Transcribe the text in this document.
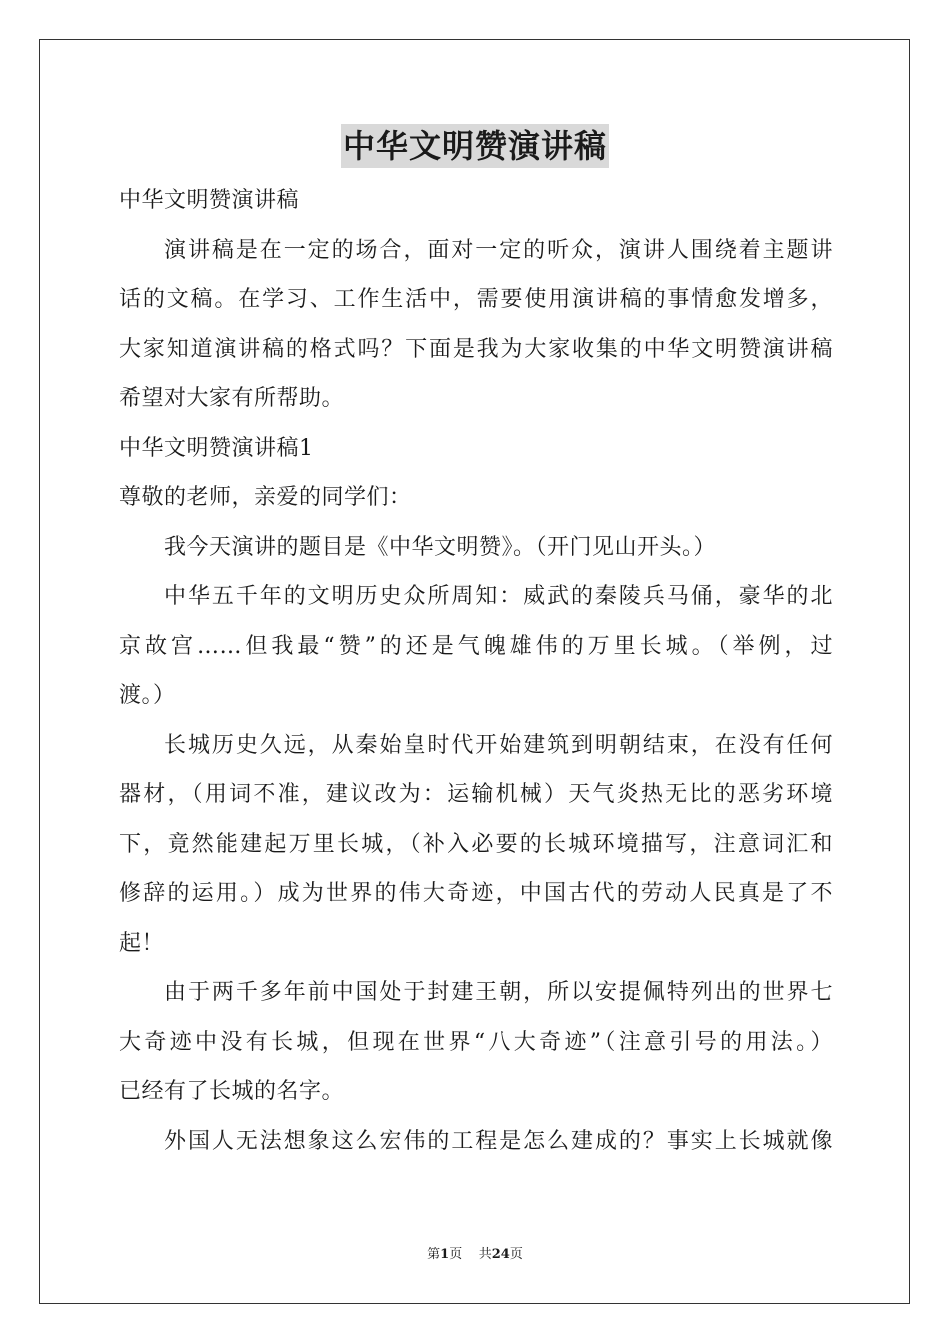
中华文明赞演讲稿

中华文明赞演讲稿

演讲稿是在一定的场合，面对一定的听众，演讲人围绕着主题讲

话的文稿。在学习、工作生活中，需要使用演讲稿的事情愈发增多，

大家知道演讲稿的格式吗？下面是我为大家收集的中华文明赞演讲稿

希望对大家有所帮助。

中华文明赞演讲稿1

尊敬的老师，亲爱的同学们：

我今天演讲的题目是《中华文明赞》。（开门见山开头。）

中华五千年的文明历史众所周知：威武的秦陵兵马俑，豪华的北

京故宫……但我最“赞”的还是气魄雄伟的万里长城。（举例，过

渡。）

长城历史久远，从秦始皇时代开始建筑到明朝结束，在没有任何

器材，（用词不准，建议改为：运输机械）天气炎热无比的恶劣环境

下，竟然能建起万里长城，（补入必要的长城环境描写，注意词汇和

修辞的运用。）成为世界的伟大奇迹，中国古代的劳动人民真是了不

起！

由于两千多年前中国处于封建王朝，所以安提佩特列出的世界七

大奇迹中没有长城，但现在世界“八大奇迹”（注意引号的用法。）

已经有了长城的名字。

外国人无法想象这么宏伟的工程是怎么建成的？事实上长城就像

第1页 共24页
